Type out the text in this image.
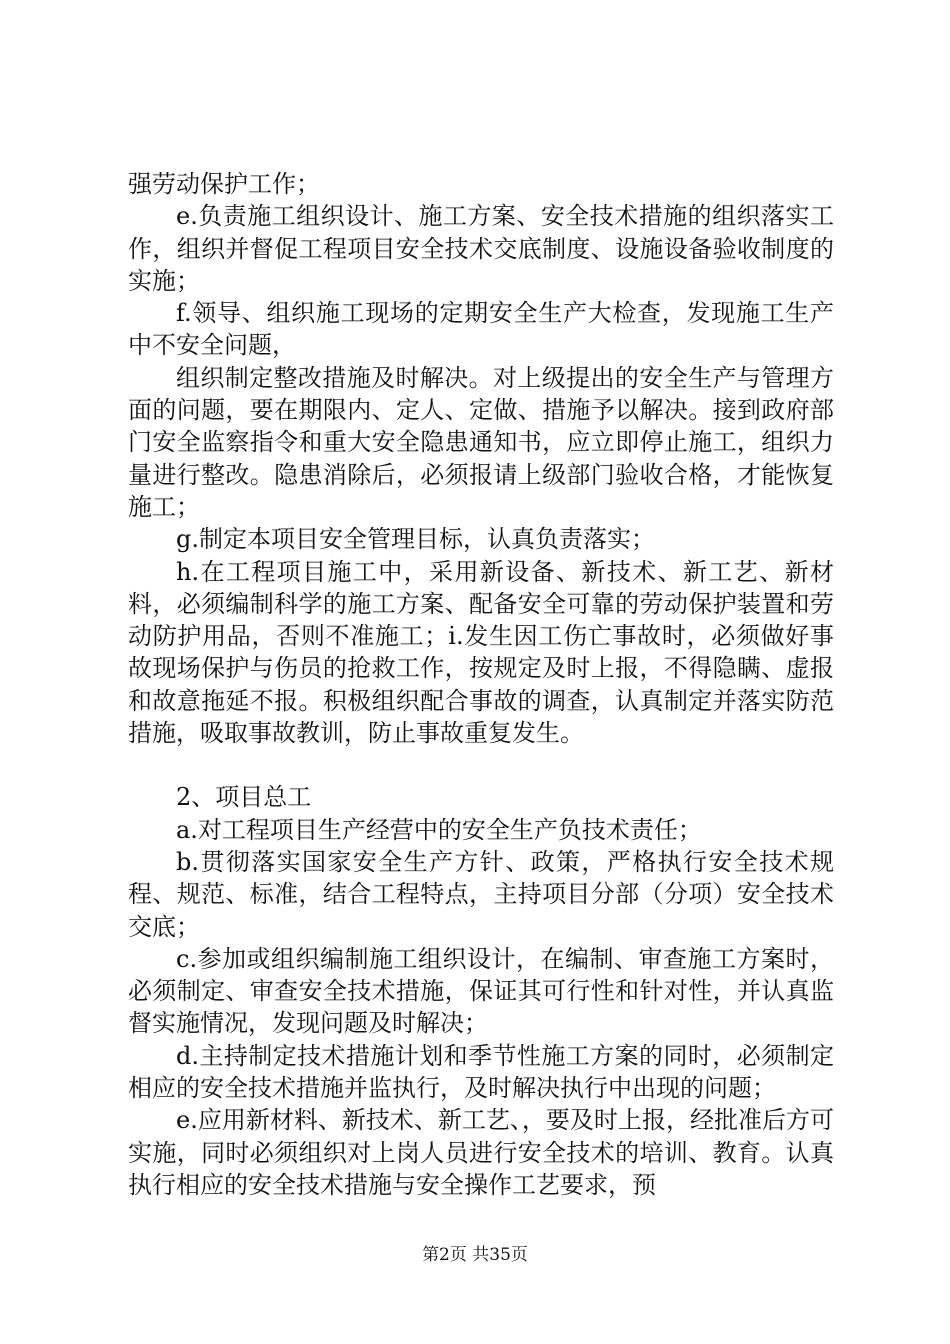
强劳动保护工作；

e.负责施工组织设计、施工方案、安全技术措施的组织落实工作，组织并督促工程项目安全技术交底制度、设施设备验收制度的实施；

f.领导、组织施工现场的定期安全生产大检查，发现施工生产中不安全问题，

组织制定整改措施及时解决。对上级提出的安全生产与管理方面的问题，要在期限内、定人、定做、措施予以解决。接到政府部门安全监察指令和重大安全隐患通知书，应立即停止施工，组织力量进行整改。隐患消除后，必须报请上级部门验收合格，才能恢复施工；

g.制定本项目安全管理目标，认真负责落实；

h.在工程项目施工中，采用新设备、新技术、新工艺、新材料，必须编制科学的施工方案、配备安全可靠的劳动保护装置和劳动防护用品，否则不准施工；i.发生因工伤亡事故时，必须做好事故现场保护与伤员的抢救工作，按规定及时上报，不得隐瞒、虚报和故意拖延不报。积极组织配合事故的调查，认真制定并落实防范措施，吸取事故教训，防止事故重复发生。

2、项目总工

a.对工程项目生产经营中的安全生产负技术责任；

b.贯彻落实国家安全生产方针、政策，严格执行安全技术规程、规范、标准，结合工程特点，主持项目分部（分项）安全技术交底；

c.参加或组织编制施工组织设计，在编制、审查施工方案时，必须制定、审查安全技术措施，保证其可行性和针对性，并认真监督实施情况，发现问题及时解决；

d.主持制定技术措施计划和季节性施工方案的同时，必须制定相应的安全技术措施并监执行，及时解决执行中出现的问题；

e.应用新材料、新技术、新工艺、，要及时上报，经批准后方可实施，同时必须组织对上岗人员进行安全技术的培训、教育。认真执行相应的安全技术措施与安全操作工艺要求，预

第2页 共35页
